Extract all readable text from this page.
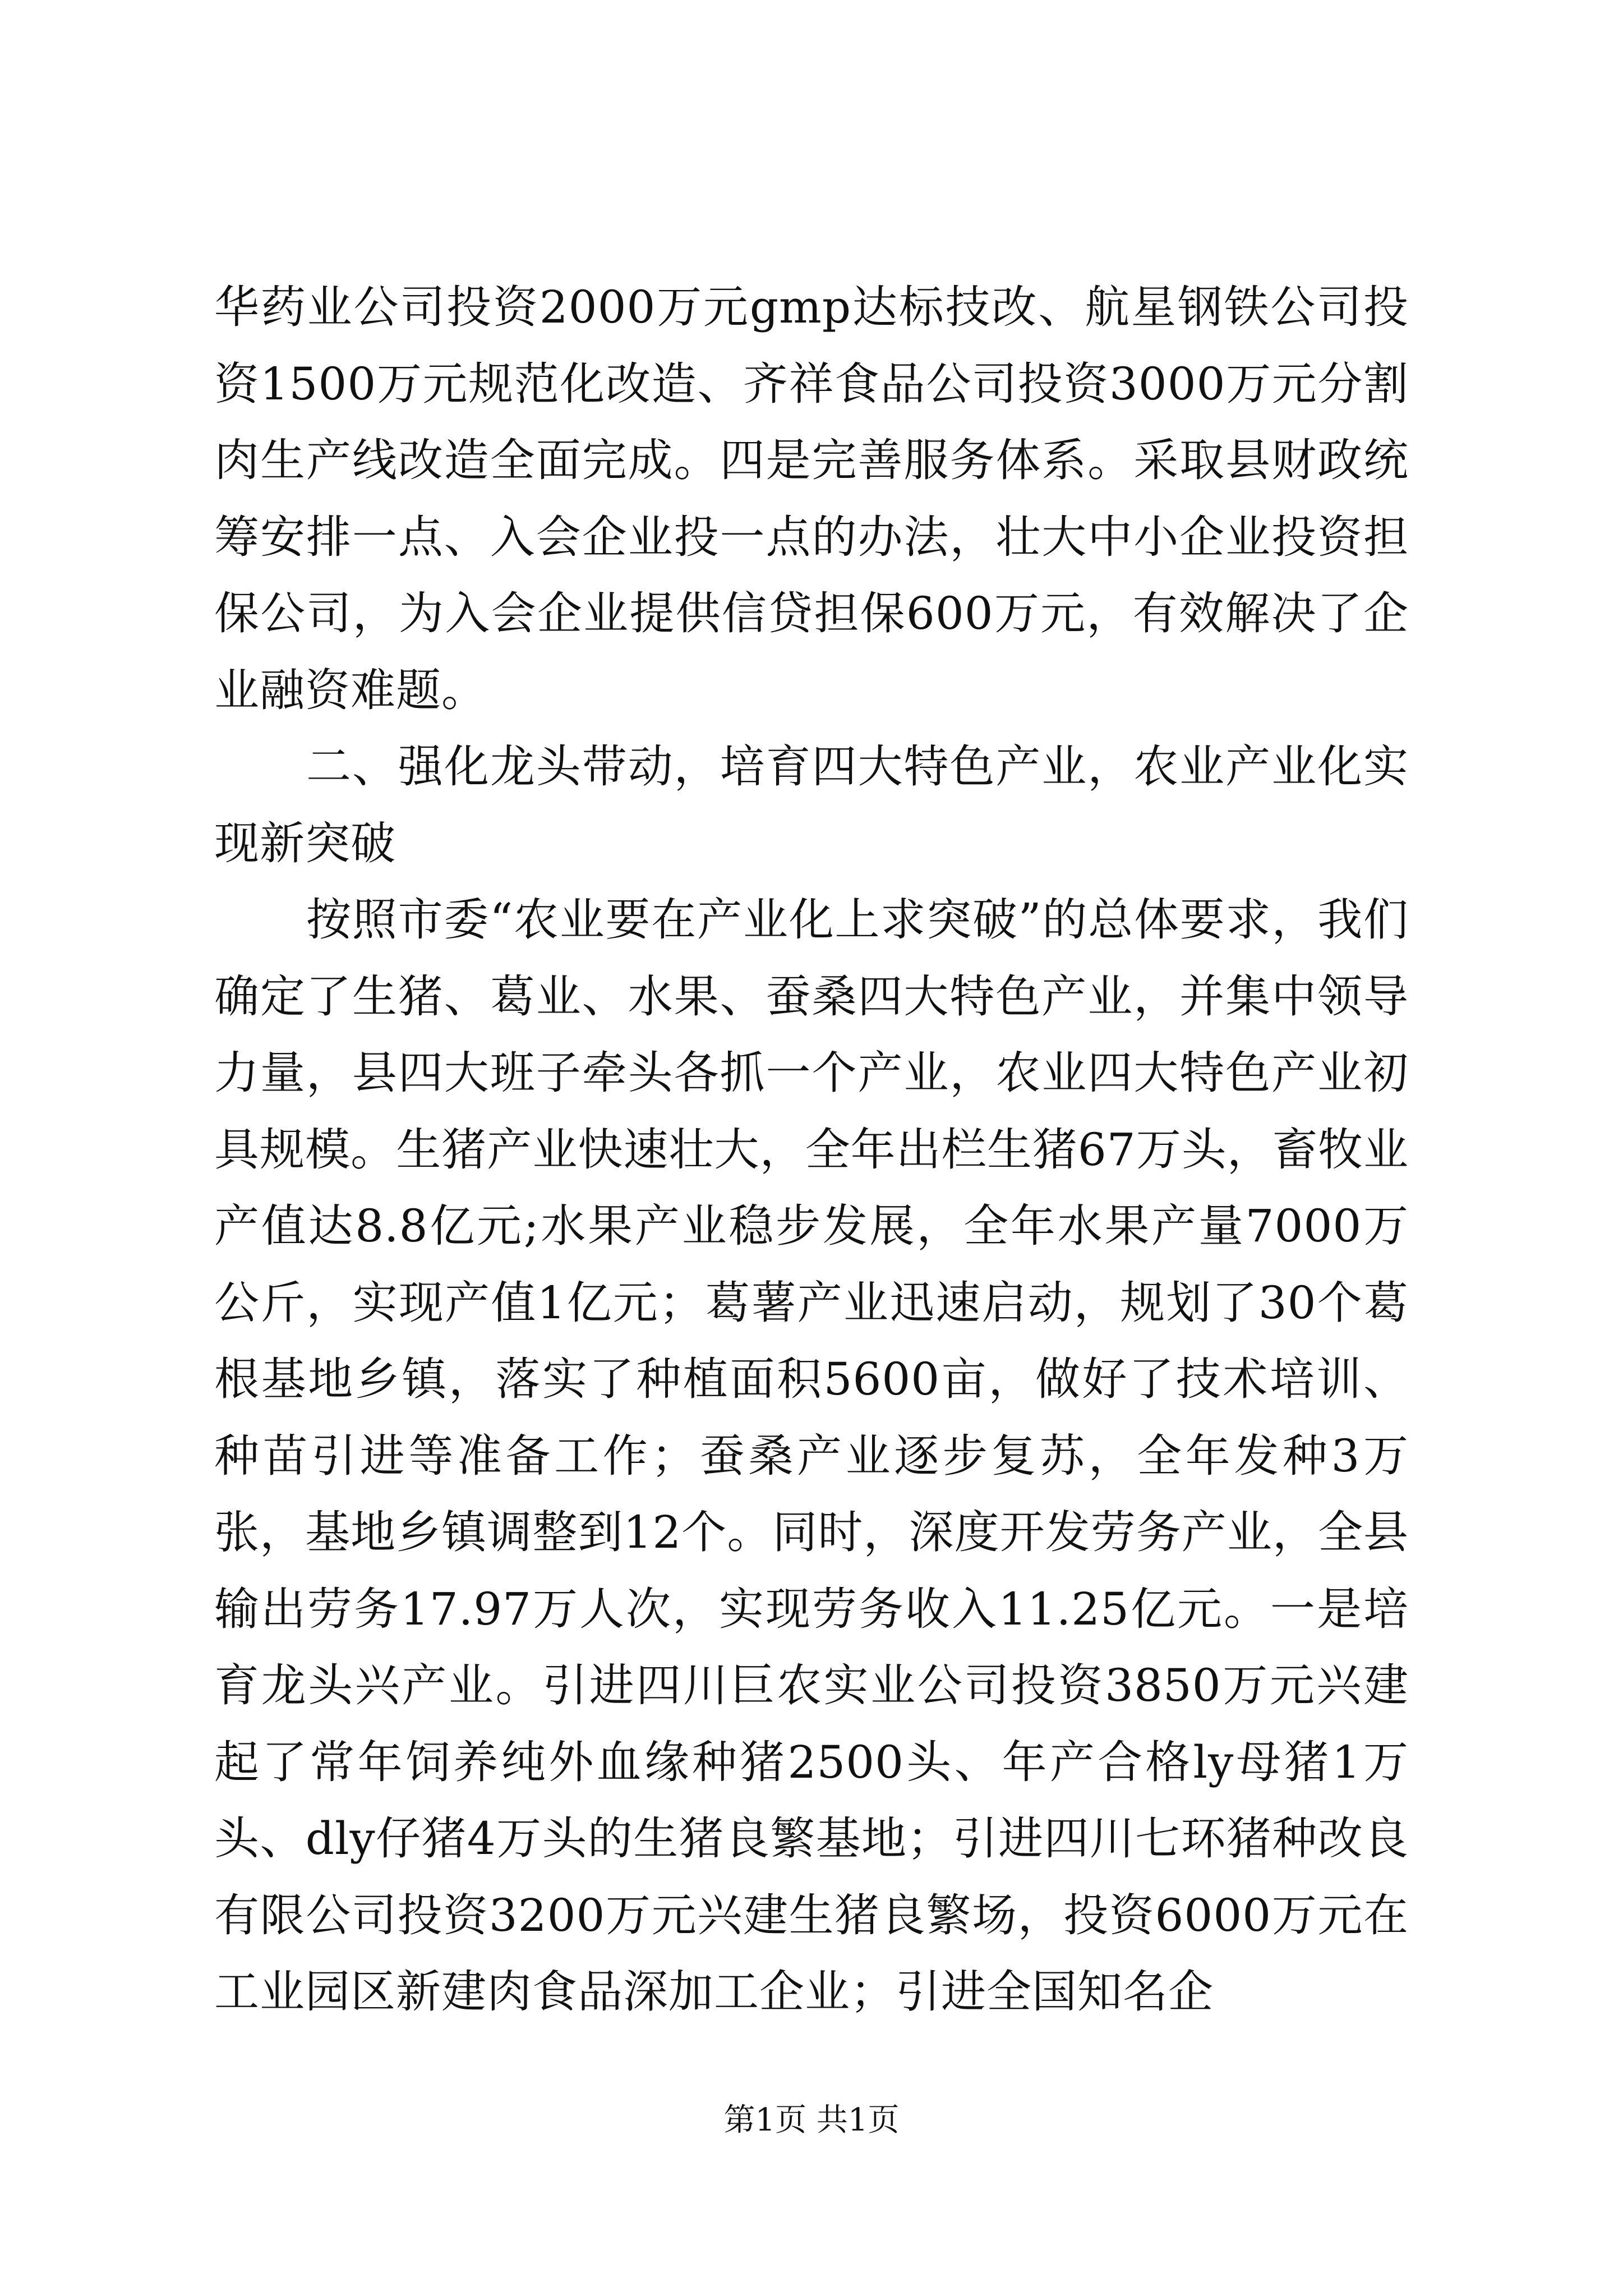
华药业公司投资2000万元gmp达标技改、航星钢铁公司投资1500万元规范化改造、齐祥食品公司投资3000万元分割肉生产线改造全面完成。四是完善服务体系。采取县财政统筹安排一点、入会企业投一点的办法，壮大中小企业投资担保公司，为入会企业提供信贷担保600万元，有效解决了企业融资难题。

二、强化龙头带动，培育四大特色产业，农业产业化实现新突破

按照市委“农业要在产业化上求突破”的总体要求，我们确定了生猪、葛业、水果、蚕桑四大特色产业，并集中领导力量，县四大班子牵头各抓一个产业，农业四大特色产业初具规模。生猪产业快速壮大，全年出栏生猪67万头，畜牧业产值达8.8亿元;水果产业稳步发展，全年水果产量7000万公斤，实现产值1亿元；葛薯产业迅速启动，规划了30个葛根基地乡镇，落实了种植面积5600亩，做好了技术培训、种苗引进等准备工作；蚕桑产业逐步复苏，全年发种3万张，基地乡镇调整到12个。同时，深度开发劳务产业，全县输出劳务17.97万人次，实现劳务收入11.25亿元。一是培育龙头兴产业。引进四川巨农实业公司投资3850万元兴建起了常年饲养纯外血缘种猪2500头、年产合格ly母猪1万头、dly仔猪4万头的生猪良繁基地；引进四川七环猪种改良有限公司投资3200万元兴建生猪良繁场，投资6000万元在工业园区新建肉食品深加工企业；引进全国知名企

第1页 共1页
